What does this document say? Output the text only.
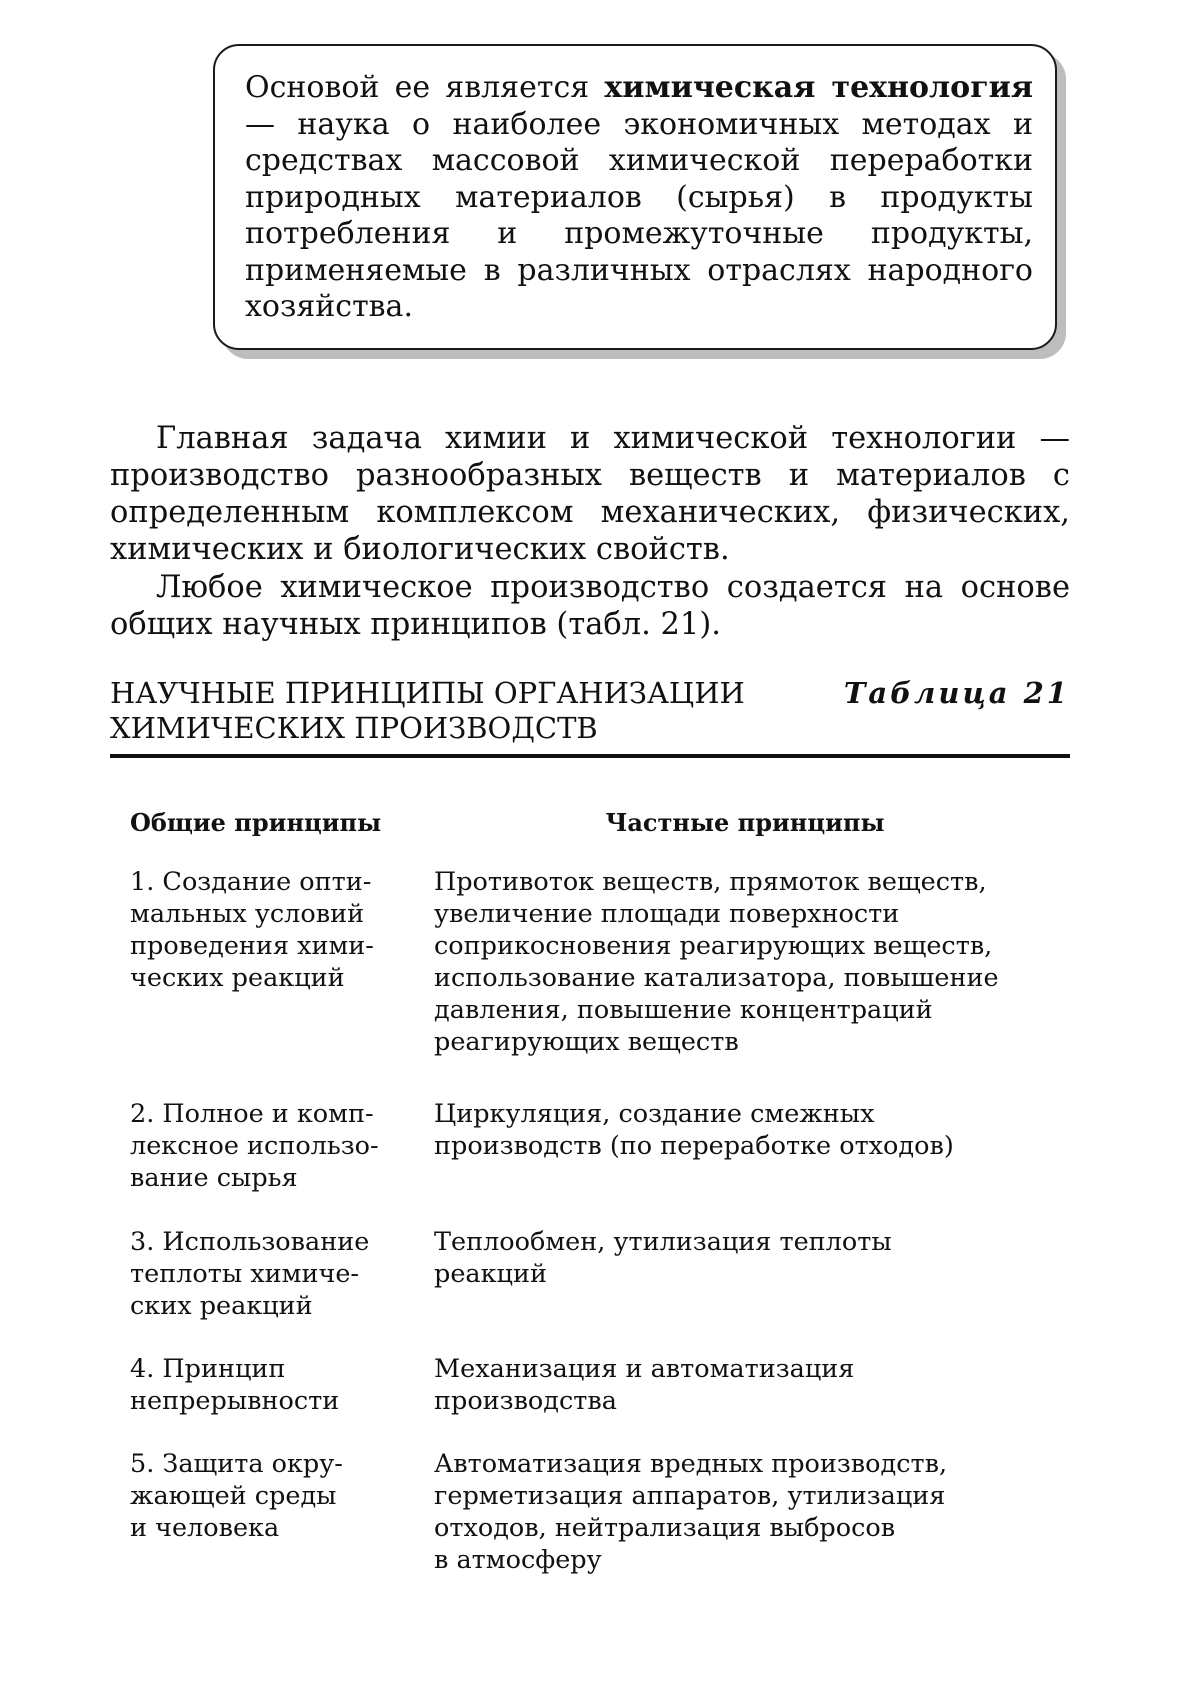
Основой ее является химическая технология — наука о наиболее экономичных методах и средствах массовой химической переработки природных материалов (сырья) в продукты потребления и промежуточные продукты, применяемые в различных отраслях народного хозяйства.

Главная задача химии и химической технологии — производство разнообразных веществ и материалов с определенным комплексом механических, физических, химических и биологических свойств.

Любое химическое производство создается на основе общих научных принципов (табл. 21).

НАУЧНЫЕ ПРИНЦИПЫ ОРГАНИЗАЦИИ
ХИМИЧЕСКИХ ПРОИЗВОДСТВ

Таблица 21

Общие принципы	Частные принципы

1. Создание опти-
мальных условий
проведения хими-
ческих реакций

Противоток веществ, прямоток веществ,
увеличение площади поверхности
соприкосновения реагирующих веществ,
использование катализатора, повышение
давления, повышение концентраций
реагирующих веществ

2. Полное и комп-
лексное использо-
вание сырья

Циркуляция, создание смежных
производств (по переработке отходов)

3. Использование
теплоты химиче-
ских реакций

Теплообмен, утилизация теплоты
реакций

4. Принцип
непрерывности

Механизация и автоматизация
производства

5. Защита окру-
жающей среды
и человека

Автоматизация вредных производств,
герметизация аппаратов, утилизация
отходов, нейтрализация выбросов
в атмосферу
